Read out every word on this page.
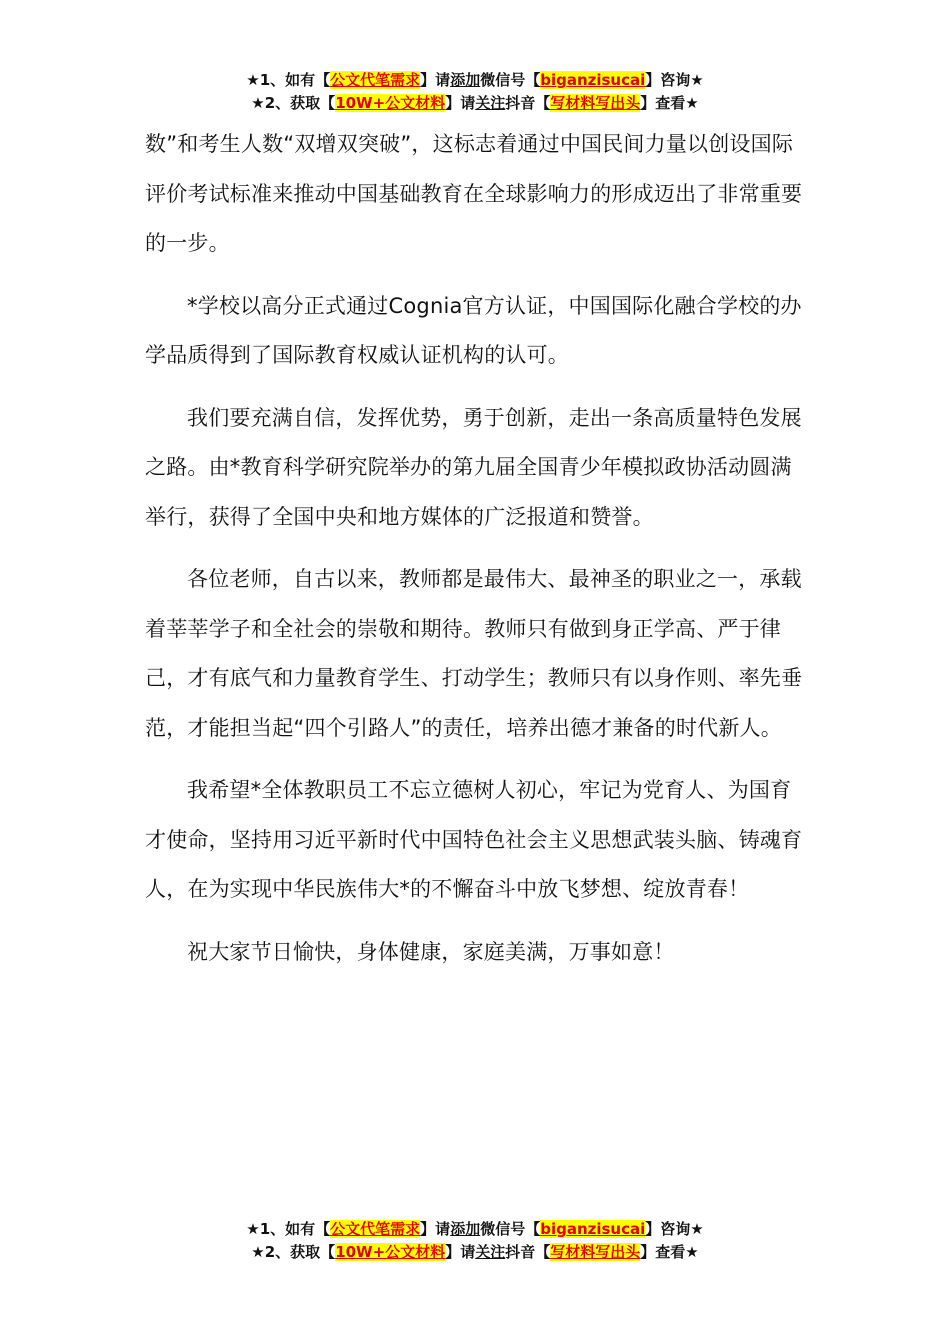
★1、如有【公文代笔需求】请添加微信号【biganzisucai】咨询★
★2、获取【10W+公文材料】请关注抖音【写材料写出头】查看★

数”和考生人数“双增双突破”，这标志着通过中国民间力量以创设国际评价考试标准来推动中国基础教育在全球影响力的形成迈出了非常重要的一步。

*学校以高分正式通过Cognia官方认证，中国国际化融合学校的办学品质得到了国际教育权威认证机构的认可。

我们要充满自信，发挥优势，勇于创新，走出一条高质量特色发展之路。由*教育科学研究院举办的第九届全国青少年模拟政协活动圆满举行，获得了全国中央和地方媒体的广泛报道和赞誉。

各位老师，自古以来，教师都是最伟大、最神圣的职业之一，承载着莘莘学子和全社会的崇敬和期待。教师只有做到身正学高、严于律己，才有底气和力量教育学生、打动学生；教师只有以身作则、率先垂范，才能担当起“四个引路人”的责任，培养出德才兼备的时代新人。

我希望*全体教职员工不忘立德树人初心，牢记为党育人、为国育才使命，坚持用习近平新时代中国特色社会主义思想武装头脑、铸魂育人，在为实现中华民族伟大*的不懈奋斗中放飞梦想、绽放青春！

祝大家节日愉快，身体健康，家庭美满，万事如意！

★1、如有【公文代笔需求】请添加微信号【biganzisucai】咨询★
★2、获取【10W+公文材料】请关注抖音【写材料写出头】查看★
